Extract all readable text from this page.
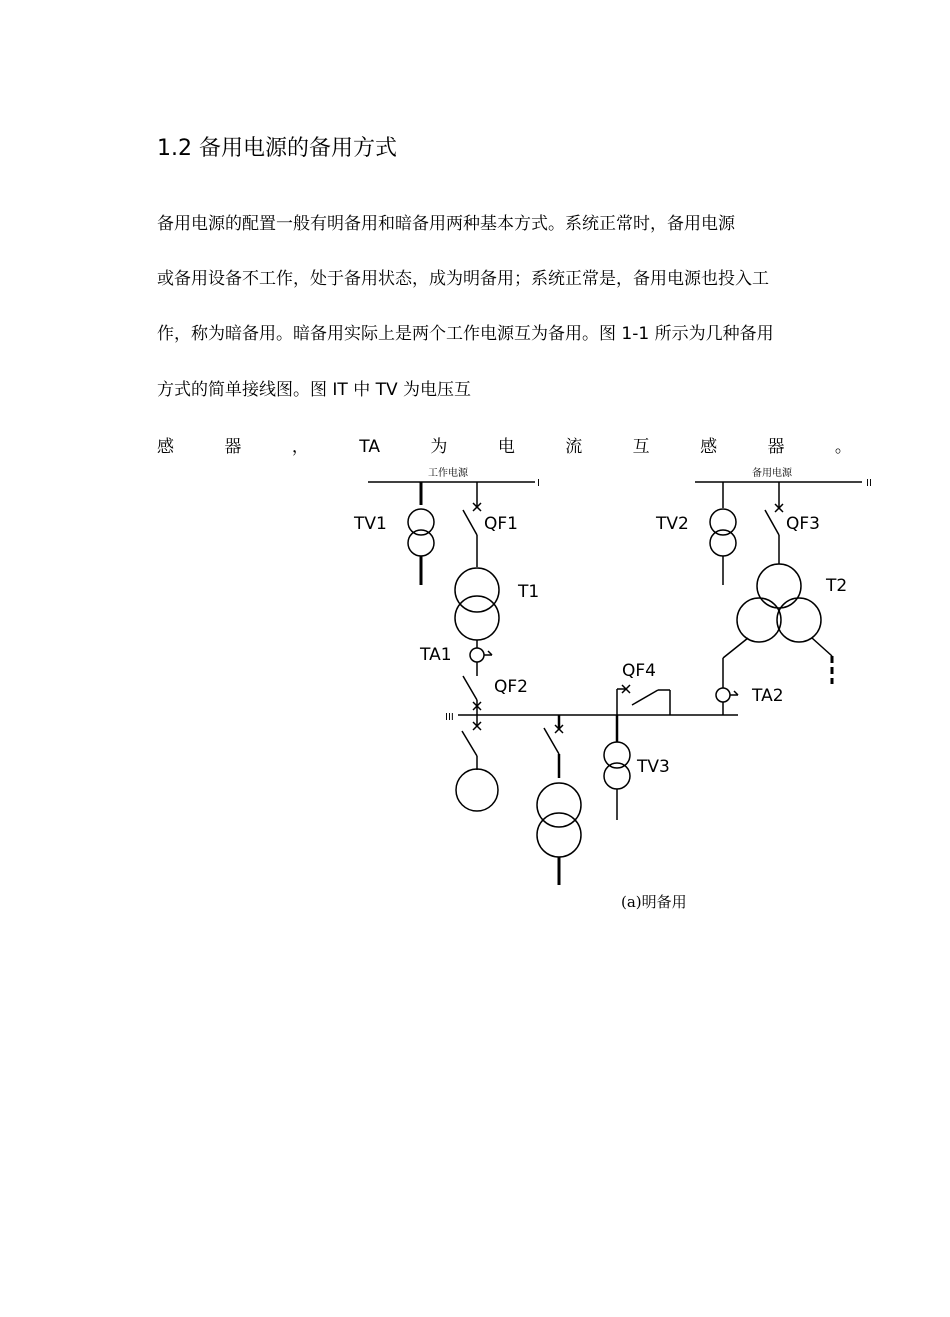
1.2 备用电源的备用方式
备用电源的配置一般有明备用和暗备用两种基本方式。系统正常时，备用电源
或备用设备不工作，处于备用状态，成为明备用；系统正常是，备用电源也投入工
作，称为暗备用。暗备用实际上是两个工作电源互为备用。图 1-1 所示为几种备用
方式的简单接线图。图 IT 中 TV 为电压互
感	器	，	TA	为	电	流	互	感	器	。
工作电源
I
备用电源
II
III
TV1	QF1
T1
TA1
QF2
TV2	QF3
T2
QF4
TA2
TV3
(a)明备用
